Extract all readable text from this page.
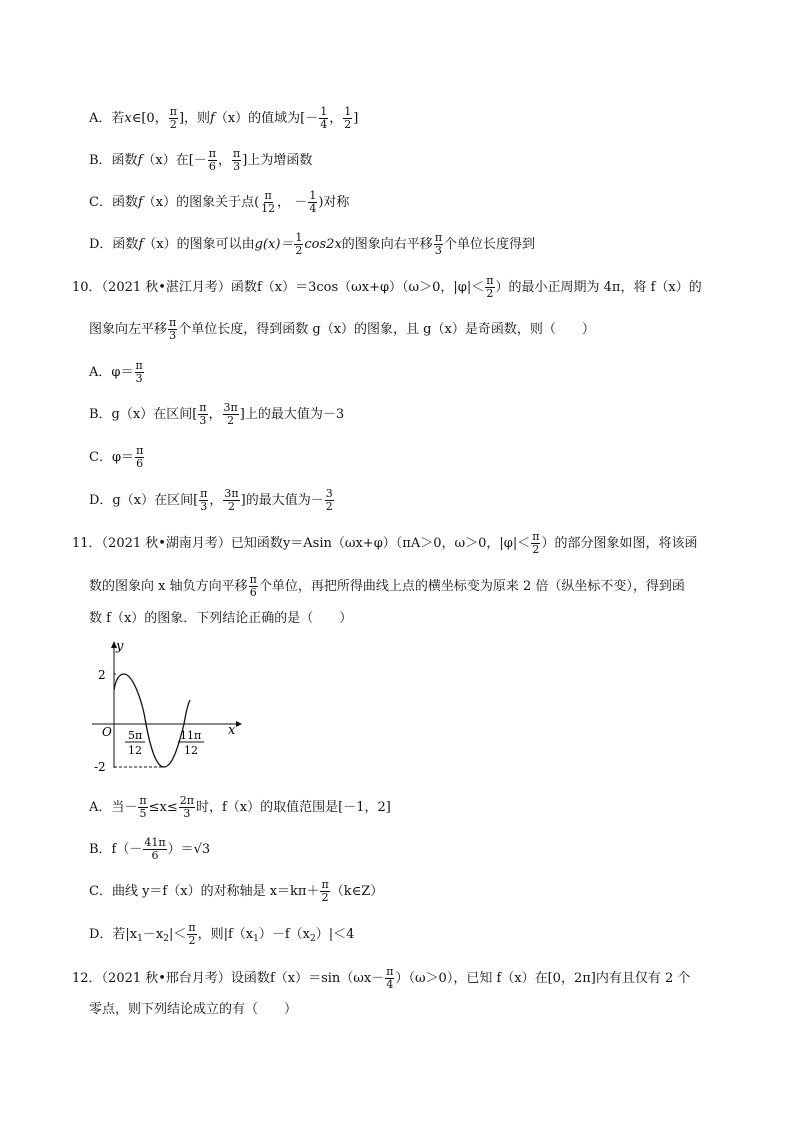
A．若x∈[0， $\frac{\pi}{2}$ ]，则f（x）的值域为[－ $\frac{1}{4}$ ， $\frac{1}{2}$ ]
B．函数f（x）在[－ $\frac{\pi}{6}$ ， $\frac{\pi}{3}$ ]上为增函数
C．函数f（x）的图象关于点( $\frac{\pi}{12}$ ， － $\frac{1}{4}$ )对称
D．函数f（x）的图象可以由$g(x)= \frac{1}{2} \cos 2x$的图象向右平移 $\frac{\pi}{3}$ 个单位长度得到
10．（2021 秋•湛江月考）函数f（x）＝3cos（ωx+φ）（ω＞0，$|\varphi|< \frac{\pi}{2}$ ）的最小正周期为 4π，将 f（x）的
图象向左平移 $\frac{\pi}{3}$ 个单位长度，得到函数 g（x）的图象，且 g（x）是奇函数，则（　　）
A．$\varphi= \frac{\pi}{3}$
B．g（x）在区间[ $\frac{\pi}{3}$ ， $\frac{3\pi}{2}$ ]上的最大值为－3
C．$\varphi= \frac{\pi}{6}$
D．g（x）在区间[ $\frac{\pi}{3}$ ， $\frac{3\pi}{2}$ ]的最大值为－ $\frac{3}{2}$
11．（2021 秋•湖南月考）已知函数y＝Asin（ωx+φ）（πA＞0，ω＞0，$|\varphi|< \frac{\pi}{2}$ ）的部分图象如图，将该函
数的图象向 x 轴负方向平移 $\frac{\pi}{6}$ 个单位，再把所得曲线上点的横坐标变为原来 2 倍（纵坐标不变），得到函
数 f（x）的图象．下列结论正确的是（　　）
y
x
O
2
-2
5π
12
11π
12
A．当－ $\frac{\pi}{5} \le x\le \frac{2\pi}{3}$ 时，f（x）的取值范围是[－1，2]
B．$f(- \frac{41\pi}{6} )=√3$
C．曲线 y＝f（x）的对称轴是 $x=k\pi+ \frac{\pi}{2}$ （k∈Z）
D．若$|x_1-x_2|< \frac{\pi}{2}$ ，则$|f(x_1)-f(x_2)|<4$
12．（2021 秋•邢台月考）设函数$f(x)=\sin(\omega x- \frac{\pi}{4} )(\omega>0)$，已知 f（x）在[0，2π]内有且仅有 2 个
零点，则下列结论成立的有（　　）
